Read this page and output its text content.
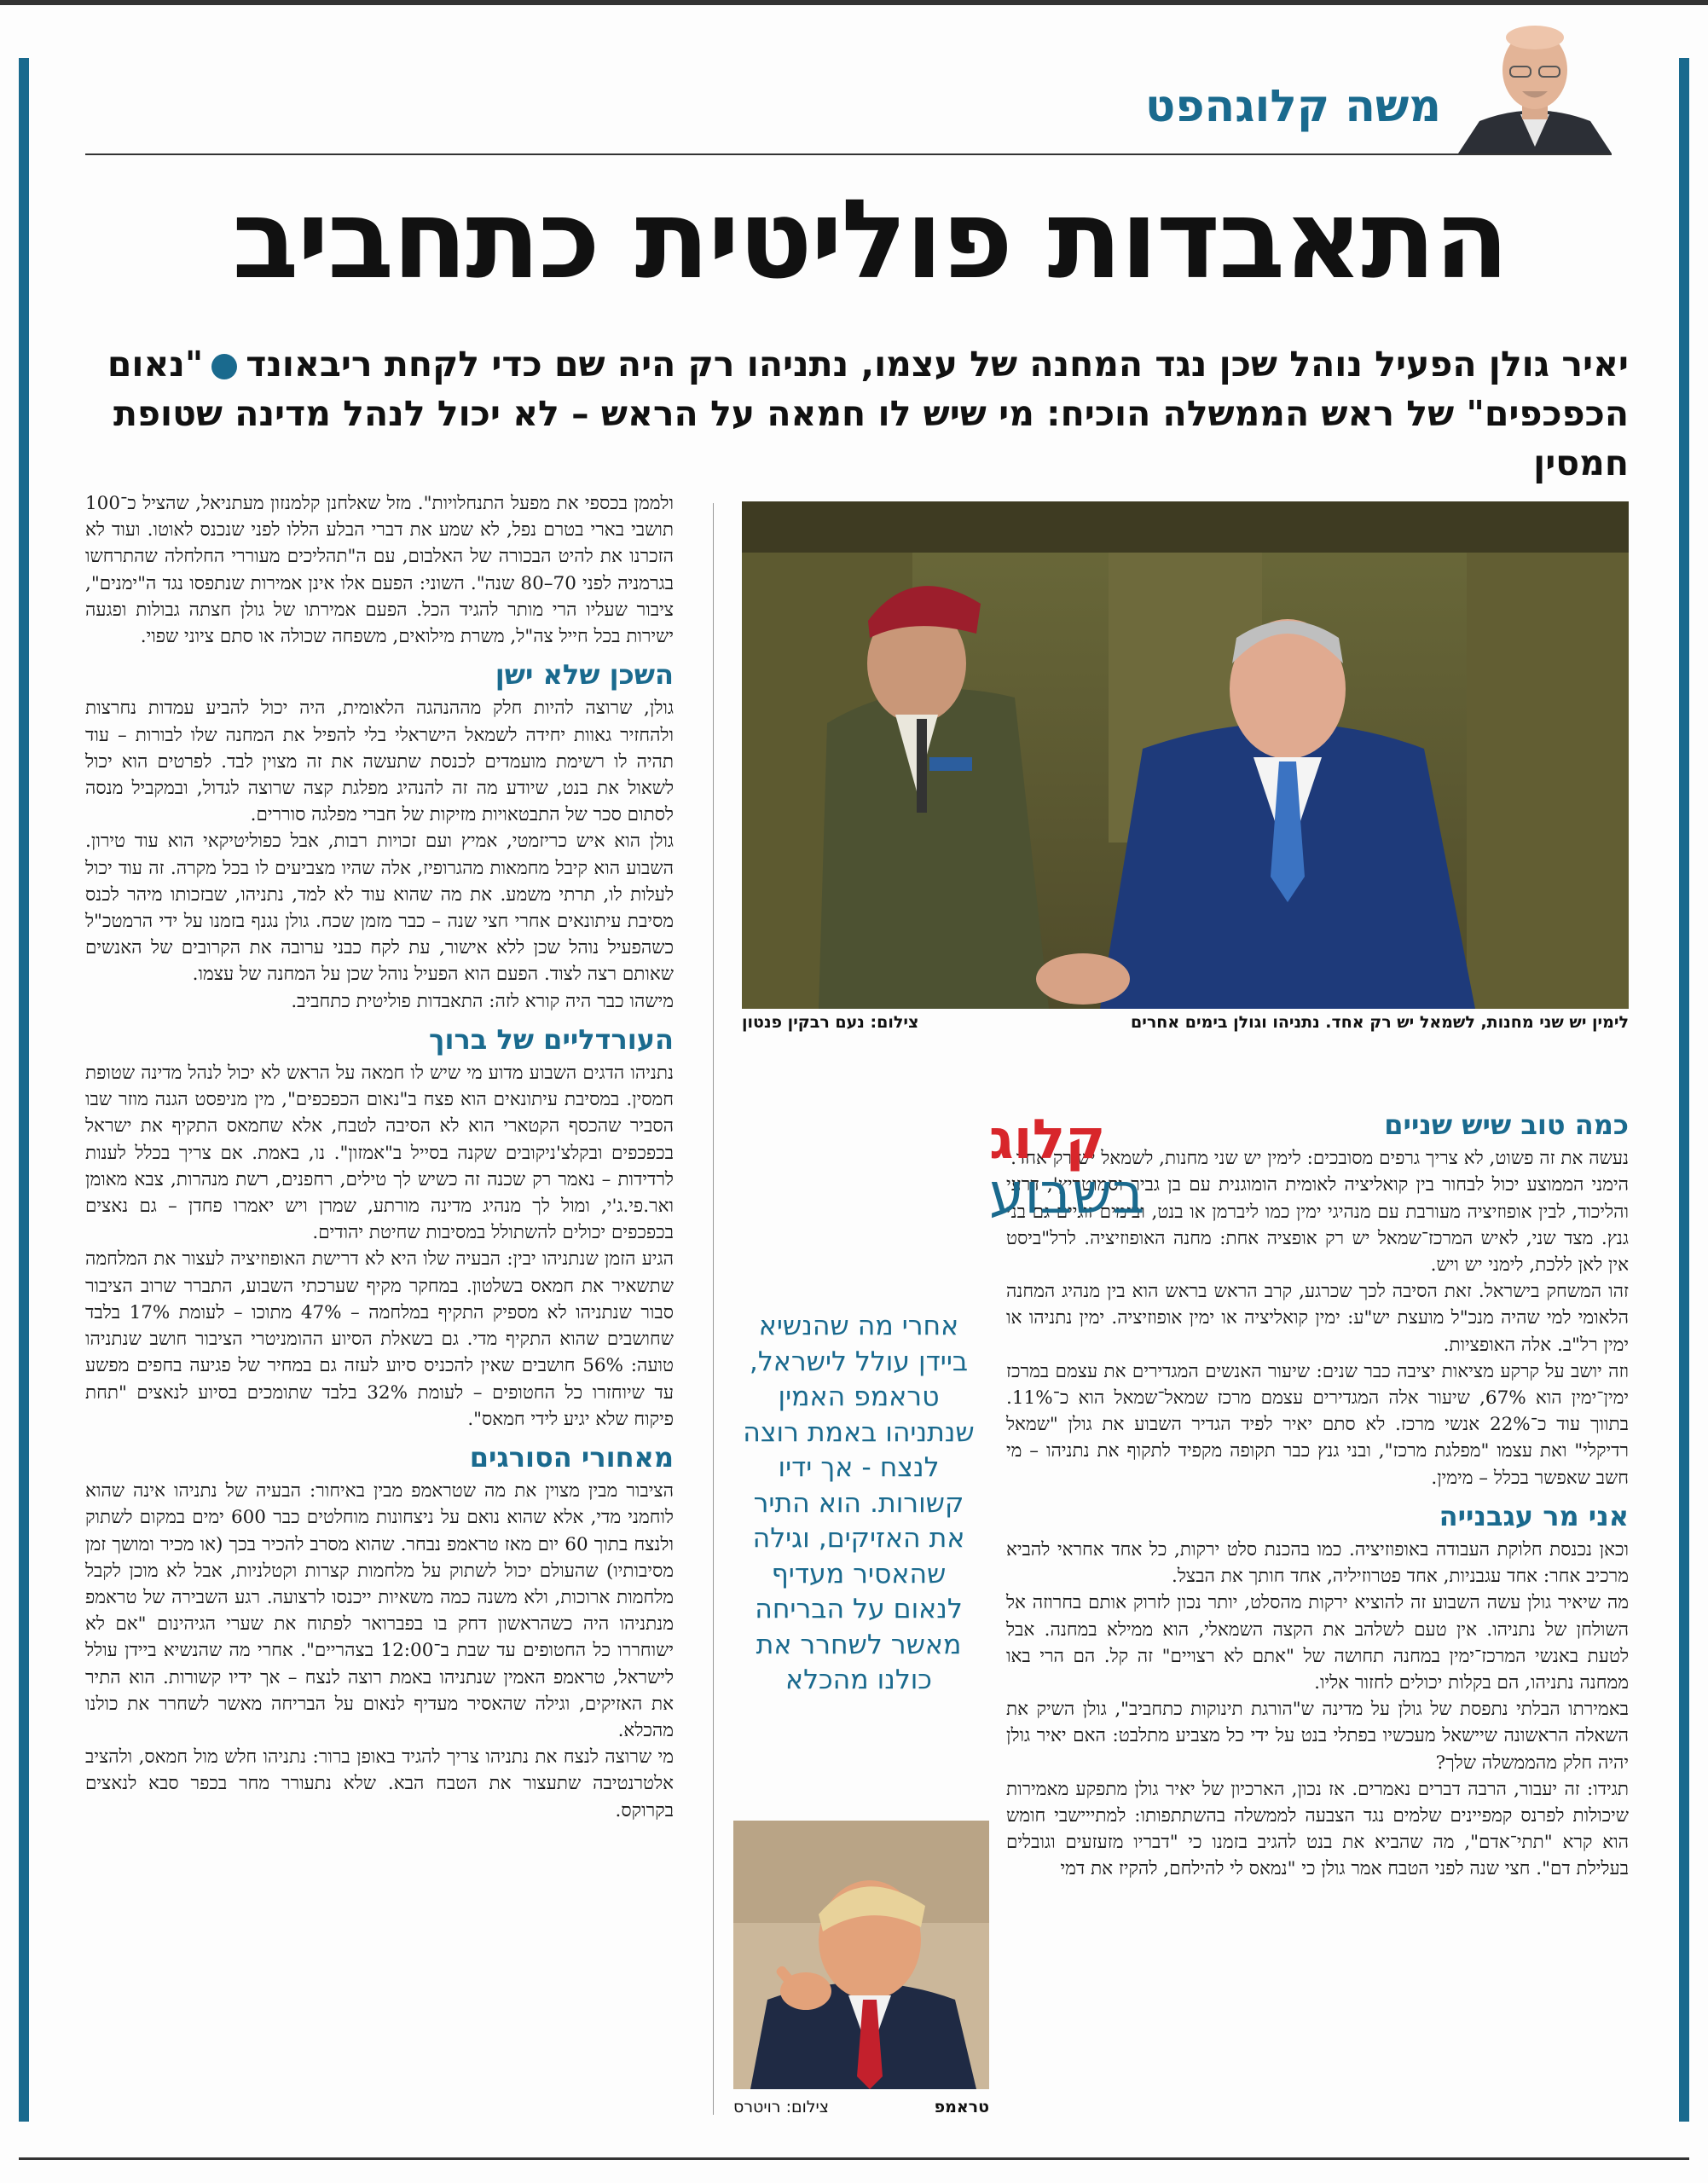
משה קלוגהפט
התאבדות פוליטית כתחביב
יאיר גולן הפעיל נוהל שכן נגד המחנה של עצמו, נתניהו רק היה שם כדי לקחת ריבאונד"נאום הכפכפים" של ראש הממשלה הוכיח: מי שיש לו חמאה על הראש – לא יכול לנהל מדינה שטופת חמסין
לימין יש שני מחנות, לשמאל יש רק אחד. נתניהו וגולן בימים אחרים
צילום: נעם רבקין פנטון

ולממן בכספי את מפעל התנחלויות". מזל שאלחנן קלמנזון מעתניאל, שהציל כ־100 תושבי בארי בטרם נפל, לא שמע את דברי הבלע הללו לפני שנכנס לאוטו. ועוד לא הזכרנו את להיט הבכורה של האלבום, עם ה"תהליכים מעוררי החלחלה שהתרחשו בגרמניה לפני 70–80 שנה". השוני: הפעם אלו אינן אמירות שנתפסו נגד ה"ימנים", ציבור שעליו הרי מותר להגיד הכל. הפעם אמירתו של גולן חצתה גבולות ופגעה ישירות בכל חייל צה"ל, משרת מילואים, משפחה שכולה או סתם ציוני שפוי.

השכן שלא ישן

גולן, שרוצה להיות חלק מההנהגה הלאומית, היה יכול להביע עמדות נחרצות ולהחזיר גאוות יחידה לשמאל הישראלי בלי להפיל את המחנה שלו לבורות – עוד תהיה לו רשימת מועמדים לכנסת שתעשה את זה מצוין לבד. לפרטים הוא יכול לשאול את בנט, שיודע מה זה להנהיג מפלגת קצה שרוצה לגדול, ובמקביל מנסה לסתום סכר של התבטאויות מזיקות של חברי מפלגה סוררים.

גולן הוא איש כריזמטי, אמיץ ועם זכויות רבות, אבל כפוליטיקאי הוא עוד טירון. השבוע הוא קיבל מחמאות מהגרופיז, אלה שהיו מצביעים לו בכל מקרה. זה עוד יכול לעלות לו, תרתי משמע. את מה שהוא עוד לא למד, נתניהו, שבזכותו מיהר לכנס מסיבת עיתונאים אחרי חצי שנה – כבר מזמן שכח. גולן נגנף בזמנו על ידי הרמטכ"ל כשהפעיל נוהל שכן ללא אישור, עת לקח כבני ערובה את הקרובים של האנשים שאותם רצה לצוד. הפעם הוא הפעיל נוהל שכן על המחנה של עצמו.

מישהו כבר היה קורא לזה: התאבדות פוליטית כתחביב.

העורדליים של ברוך

נתניהו הדגים השבוע מדוע מי שיש לו חמאה על הראש לא יכול לנהל מדינה שטופת חמסין. במסיבת עיתונאים הוא פצח ב"נאום הכפכפים", מין מניפסט הגנה מוזר שבו הסביר שהכסף הקטארי הוא לא הסיבה לטבח, אלא שחמאס התקיף את ישראל בכפכפים ובקלצ'ניקובים שקנה בסייל ב"אמזון". נו, באמת. אם צריך בכלל לענות לרדידות – נאמר רק שכנה זה כשיש לך טילים, רחפנים, רשת מנהרות, צבא מאומן ואר.פי.ג'י, ומול לך מנהיג מדינה מורתע, שמרן ויש יאמרו פחדן – גם נאצים בכפכפים יכולים להשתולל במסיבות שחיטת יהודים.

הגיע הזמן שנתניהו יבין: הבעיה שלו היא לא דרישת האופוזיציה לעצור את המלחמה שתשאיר את חמאס בשלטון. במחקר מקיף שערכתי השבוע, התברר שרוב הציבור סבור שנתניהו לא מספיק התקיף במלחמה – 47% מתוכו – לעומת 17% בלבד שחושבים שהוא התקיף מדי. גם בשאלת הסיוע ההומניטרי הציבור חושב שנתניהו טועה: 56% חושבים שאין להכניס סיוע לעזה גם במחיר של פגיעה בחפים מפשע עד שיוחזרו כל החטופים – לעומת 32% בלבד שתומכים בסיוע לנאצים "תחת פיקוח שלא יגיע לידי חמאס".

מאחורי הסורגים

הציבור מבין מצוין את מה שטראמפ מבין באיחור: הבעיה של נתניהו אינה שהוא לוחמני מדי, אלא שהוא נואם על ניצחונות מוחלטים כבר 600 ימים במקום לשתוק ולנצח בתוך 60 יום מאז טראמפ נבחר. שהוא מסרב להכיר בכך (או מכיר ומושך זמן מסיבותיו) שהעולם יכול לשתוק על מלחמות קצרות וקטלניות, אבל לא מוכן לקבל מלחמות ארוכות, ולא משנה כמה משאיות ייכנסו לרצועה. רגע השבירה של טראמפ מנתניהו היה כשהראשון דחק בו בפברואר לפתוח את שערי הגיהינום "אם לא ישוחררו כל החטופים עד שבת ב־12:00 בצהריים". אחרי מה שהנשיא ביידן עולל לישראל, טראמפ האמין שנתניהו באמת רוצה לנצח – אך ידיו קשורות. הוא התיר את האזיקים, וגילה שהאסיר מעדיף לנאום על הבריחה מאשר לשחרר את כולנו מהכלא.

מי שרוצה לנצח את נתניהו צריך להגיד באופן ברור: נתניהו חלש מול חמאס, ולהציב אלטרנטיבה שתעצור את הטבח הבא. שלא נתעורר מחר בכפר סבא לנאצים בקרוקס.

כמה טוב שיש שניים

נעשה את זה פשוט, לא צריך גרפים מסובכים: לימין יש שני מחנות, לשמאל יש רק אחד.

הימני הממוצע יכול לבחור בין קואליציה לאומית הומוגנית עם בן גביר וסמוטריץ', דרעי והליכוד, לבין אופוזיציה מעורבת עם מנהיגי ימין כמו ליברמן או בנט, ובימים זוגיים גם בני גנץ. מצד שני, לאיש המרכז־שמאל יש רק אופציה אחת: מחנה האופוזיציה. לרל"ביסט אין לאן ללכת, לימני יש ויש.

זהו המשחק בישראל. זאת הסיבה לכך שכרגע, קרב הראש בראש הוא בין מנהיג המחנה הלאומי למי שהיה מנכ"ל מועצת יש"ע: ימין קואליציה או ימין אופוזיציה. ימין נתניהו או ימין רל"ב. אלה האופציות.

וזה יושב על קרקע מציאות יציבה כבר שנים: שיעור האנשים המגדירים את עצמם במרכז ימין־ימין הוא 67%, שיעור אלה המגדירים עצמם מרכז שמאל־שמאל הוא כ־11%. בתווך עוד כ־22% אנשי מרכז. לא סתם יאיר לפיד הגדיר השבוע את גולן "שמאל רדיקלי" ואת עצמו "מפלגת מרכז", ובני גנץ כבר תקופה מקפיד לתקוף את נתניהו – מי חשב שאפשר בכלל – מימין.

אני מר עגבנייה

וכאן נכנסת חלוקת העבודה באופוזיציה. כמו בהכנת סלט ירקות, כל אחד אחראי להביא מרכיב אחר: אחד עגבניות, אחד פטרוזיליה, אחד חותך את הבצל.

מה שיאיר גולן עשה השבוע זה להוציא ירקות מהסלט, יותר נכון לזרוק אותם בחרוזה אל השולחן של נתניהו. אין טעם לשלהב את הקצה השמאלי, הוא ממילא במחנה. אבל לטעת באנשי המרכז־ימין במחנה תחושה של "אתם לא רצויים" זה קל. הם הרי באו ממחנה נתניהו, הם בקלות יכולים לחזור אליו.

באמירתו הבלתי נתפסת של גולן על מדינה ש"הורגת תינוקות כתחביב", גולן השיק את השאלה הראשונה שיישאל מעכשיו בפתלי בנט על ידי כל מצביע מתלבט: האם יאיר גולן יהיה חלק מהממשלה שלך?

תגידו: זה יעבור, הרבה דברים נאמרים. אז נכון, הארכיון של יאיר גולן מתפקע מאמירות שיכולות לפרנס קמפיינים שלמים נגד הצבעה לממשלה בהשתתפותו: למתייישבי חומש הוא קרא "תתי־אדם", מה שהביא את בנט להגיב בזמנו כי "דבריו מזעזעים וגובלים בעלילת דם". חצי שנה לפני הטבח אמר גולן כי "נמאס לי להילחם, להקיז את דמי

קלוג
בשבוע
אחרי מה שהנשיא ביידן עולל לישראל, טראמפ האמין שנתניהו באמת רוצה לנצח - אך ידיו קשורות. הוא התיר את האזיקים, וגילה שהאסיר מעדיף לנאום על הבריחה מאשר לשחרר את כולנו מהכלא
טראמפ
צילום: רויטרס
